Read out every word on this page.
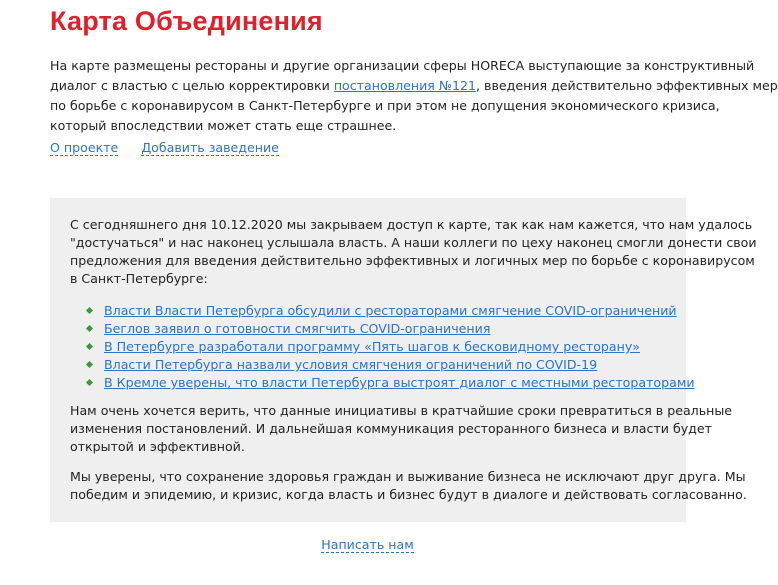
Карта Объединения
На карте размещены рестораны и другие организации сферы HORECA выступающие за конструктивный
диалог с властью с целью корректировки постановления №121, введения действительно эффективных мер
по борьбе с коронавирусом в Санкт-Петербурге и при этом не допущения экономического кризиса,
который впоследствии может стать еще страшнее.
О проекте Добавить заведение
С сегодняшнего дня 10.12.2020 мы закрываем доступ к карте, так как нам кажется, что нам удалось
"достучаться" и нас наконец услышала власть. А наши коллеги по цеху наконец смогли донести свои
предложения для введения действительно эффективных и логичных мер по борьбе с коронавирусом
в Санкт-Петербурге:
Власти Власти Петербурга обсудили с рестораторами смягчение COVID-ограничений
Беглов заявил о готовности смягчить COVID-ограничения
В Петербурге разработали программу «Пять шагов к бесковидному ресторану»
Власти Петербурга назвали условия смягчения ограничений по COVID-19
В Кремле уверены, что власти Петербурга выстроят диалог с местными рестораторами
Нам очень хочется верить, что данные инициативы в кратчайшие сроки превратиться в реальные
изменения постановлений. И дальнейшая коммуникация ресторанного бизнеса и власти будет
открытой и эффективной.
Мы уверены, что сохранение здоровья граждан и выживание бизнеса не исключают друг друга. Мы
победим и эпидемию, и кризис, когда власть и бизнес будут в диалоге и действовать согласованно.
Написать нам
